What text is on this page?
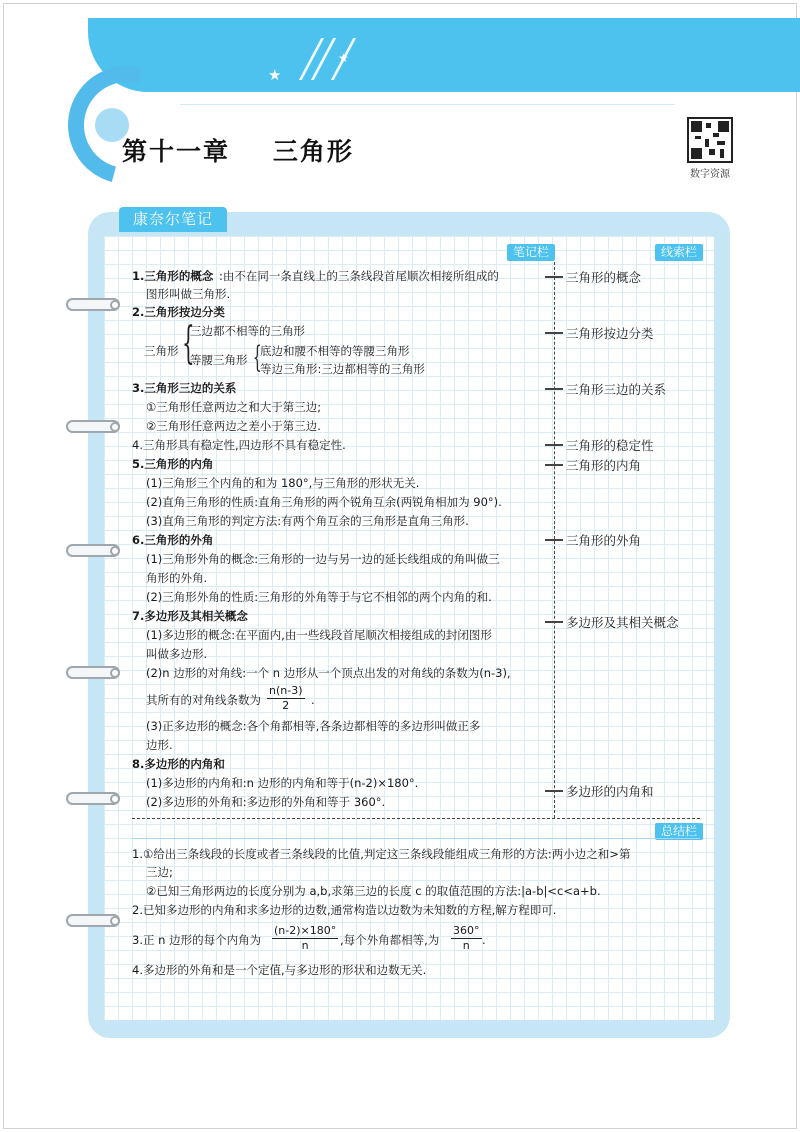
★
★
第十一章    三角形
数字资源
康奈尔笔记
笔记栏	线索栏
总结栏
三角形的概念
三角形按边分类
三角形三边的关系
三角形的稳定性
三角形的内角
三角形的外角
多边形及其相关概念
多边形的内角和
1.三角形的概念 :由不在同一条直线上的三条线段首尾顺次相接所组成的
图形叫做三角形.
2.三角形按边分类
三角形 {
三边都不相等的三角形
等腰三角形 {
底边和腰不相等的等腰三角形
等边三角形:三边都相等的三角形
3.三角形三边的关系
①三角形任意两边之和大于第三边;
②三角形任意两边之差小于第三边.
4.三角形具有稳定性,四边形不具有稳定性.
5.三角形的内角
(1)三角形三个内角的和为 180°,与三角形的形状无关.
(2)直角三角形的性质:直角三角形的两个锐角互余(两锐角相加为 90°).
(3)直角三角形的判定方法:有两个角互余的三角形是直角三角形.
6.三角形的外角
(1)三角形外角的概念:三角形的一边与另一边的延长线组成的角叫做三
角形的外角.
(2)三角形外角的性质:三角形的外角等于与它不相邻的两个内角的和.
7.多边形及其相关概念
(1)多边形的概念:在平面内,由一些线段首尾顺次相接组成的封闭图形
叫做多边形.
(2)n 边形的对角线:一个 n 边形从一个顶点出发的对角线的条数为(n-3),
其所有的对角线条数为 $\frac{n(n-3)}{2}$ .
(3)正多边形的概念:各个角都相等,各条边都相等的多边形叫做正多
边形.
8.多边形的内角和
(1)多边形的内角和:n 边形的内角和等于(n-2)×180°.
(2)多边形的外角和:多边形的外角和等于 360°.
1.①给出三条线段的长度或者三条线段的比值,判定这三条线段能组成三角形的方法:两小边之和>第
三边;
②已知三角形两边的长度分别为 a,b,求第三边的长度 c 的取值范围的方法:|a-b|<c<a+b.
2.已知多边形的内角和求多边形的边数,通常构造以边数为未知数的方程,解方程即可.
3.正 n 边形的每个内角为 $\frac{(n-2)\times 180^\circ}{n}$ ,每个外角都相等,为 $\frac{360^\circ}{n}$ .
4.多边形的外角和是一个定值,与多边形的形状和边数无关.
